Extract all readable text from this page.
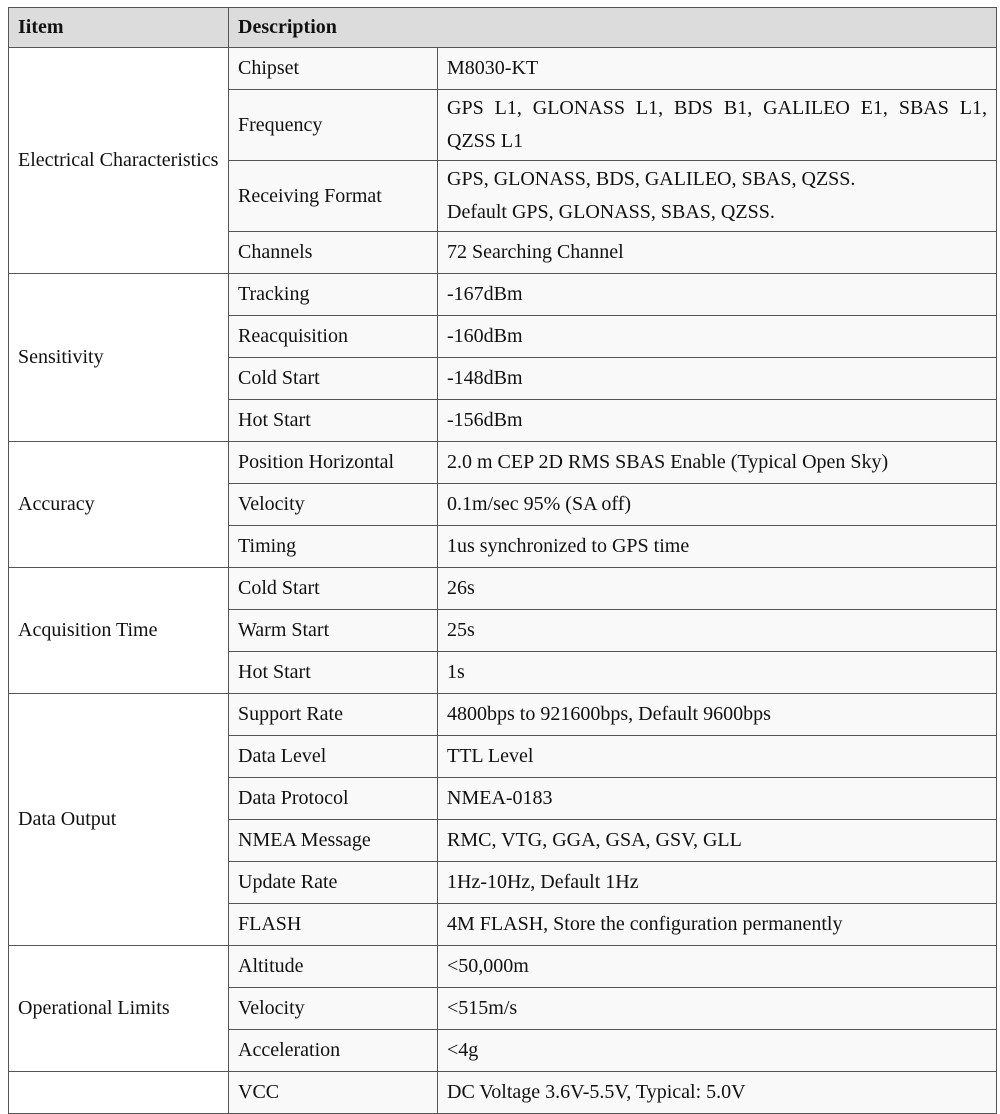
Iitem	Description	
Electrical Characteristics	Chipset	M8030-KT
	Frequency	GPS L1, GLONASS L1, BDS B1, GALILEO E1, SBAS L1, QZSS L1
	Receiving Format	GPS, GLONASS, BDS, GALILEO, SBAS, QZSS.
Default GPS, GLONASS, SBAS, QZSS.

	Channels	72 Searching Channel
Sensitivity	Tracking	-167dBm
	Reacquisition	-160dBm
	Cold Start	-148dBm
	Hot Start	-156dBm
Accuracy	Position Horizontal	2.0 m CEP 2D RMS SBAS Enable (Typical Open Sky)
	Velocity	0.1m/sec 95% (SA off)
	Timing	1us synchronized to GPS time
Acquisition Time	Cold Start	26s
	Warm Start	25s
	Hot Start	1s
Data Output	Support Rate	4800bps to 921600bps, Default 9600bps
	Data Level	TTL Level
	Data Protocol	NMEA-0183
	NMEA Message	RMC, VTG, GGA, GSA, GSV, GLL
	Update Rate	1Hz-10Hz, Default 1Hz
	FLASH	4M FLASH, Store the configuration permanently
Operational Limits	Altitude	<50,000m
	Velocity	<515m/s
	Acceleration	<4g
	VCC	DC Voltage 3.6V-5.5V, Typical: 5.0V
